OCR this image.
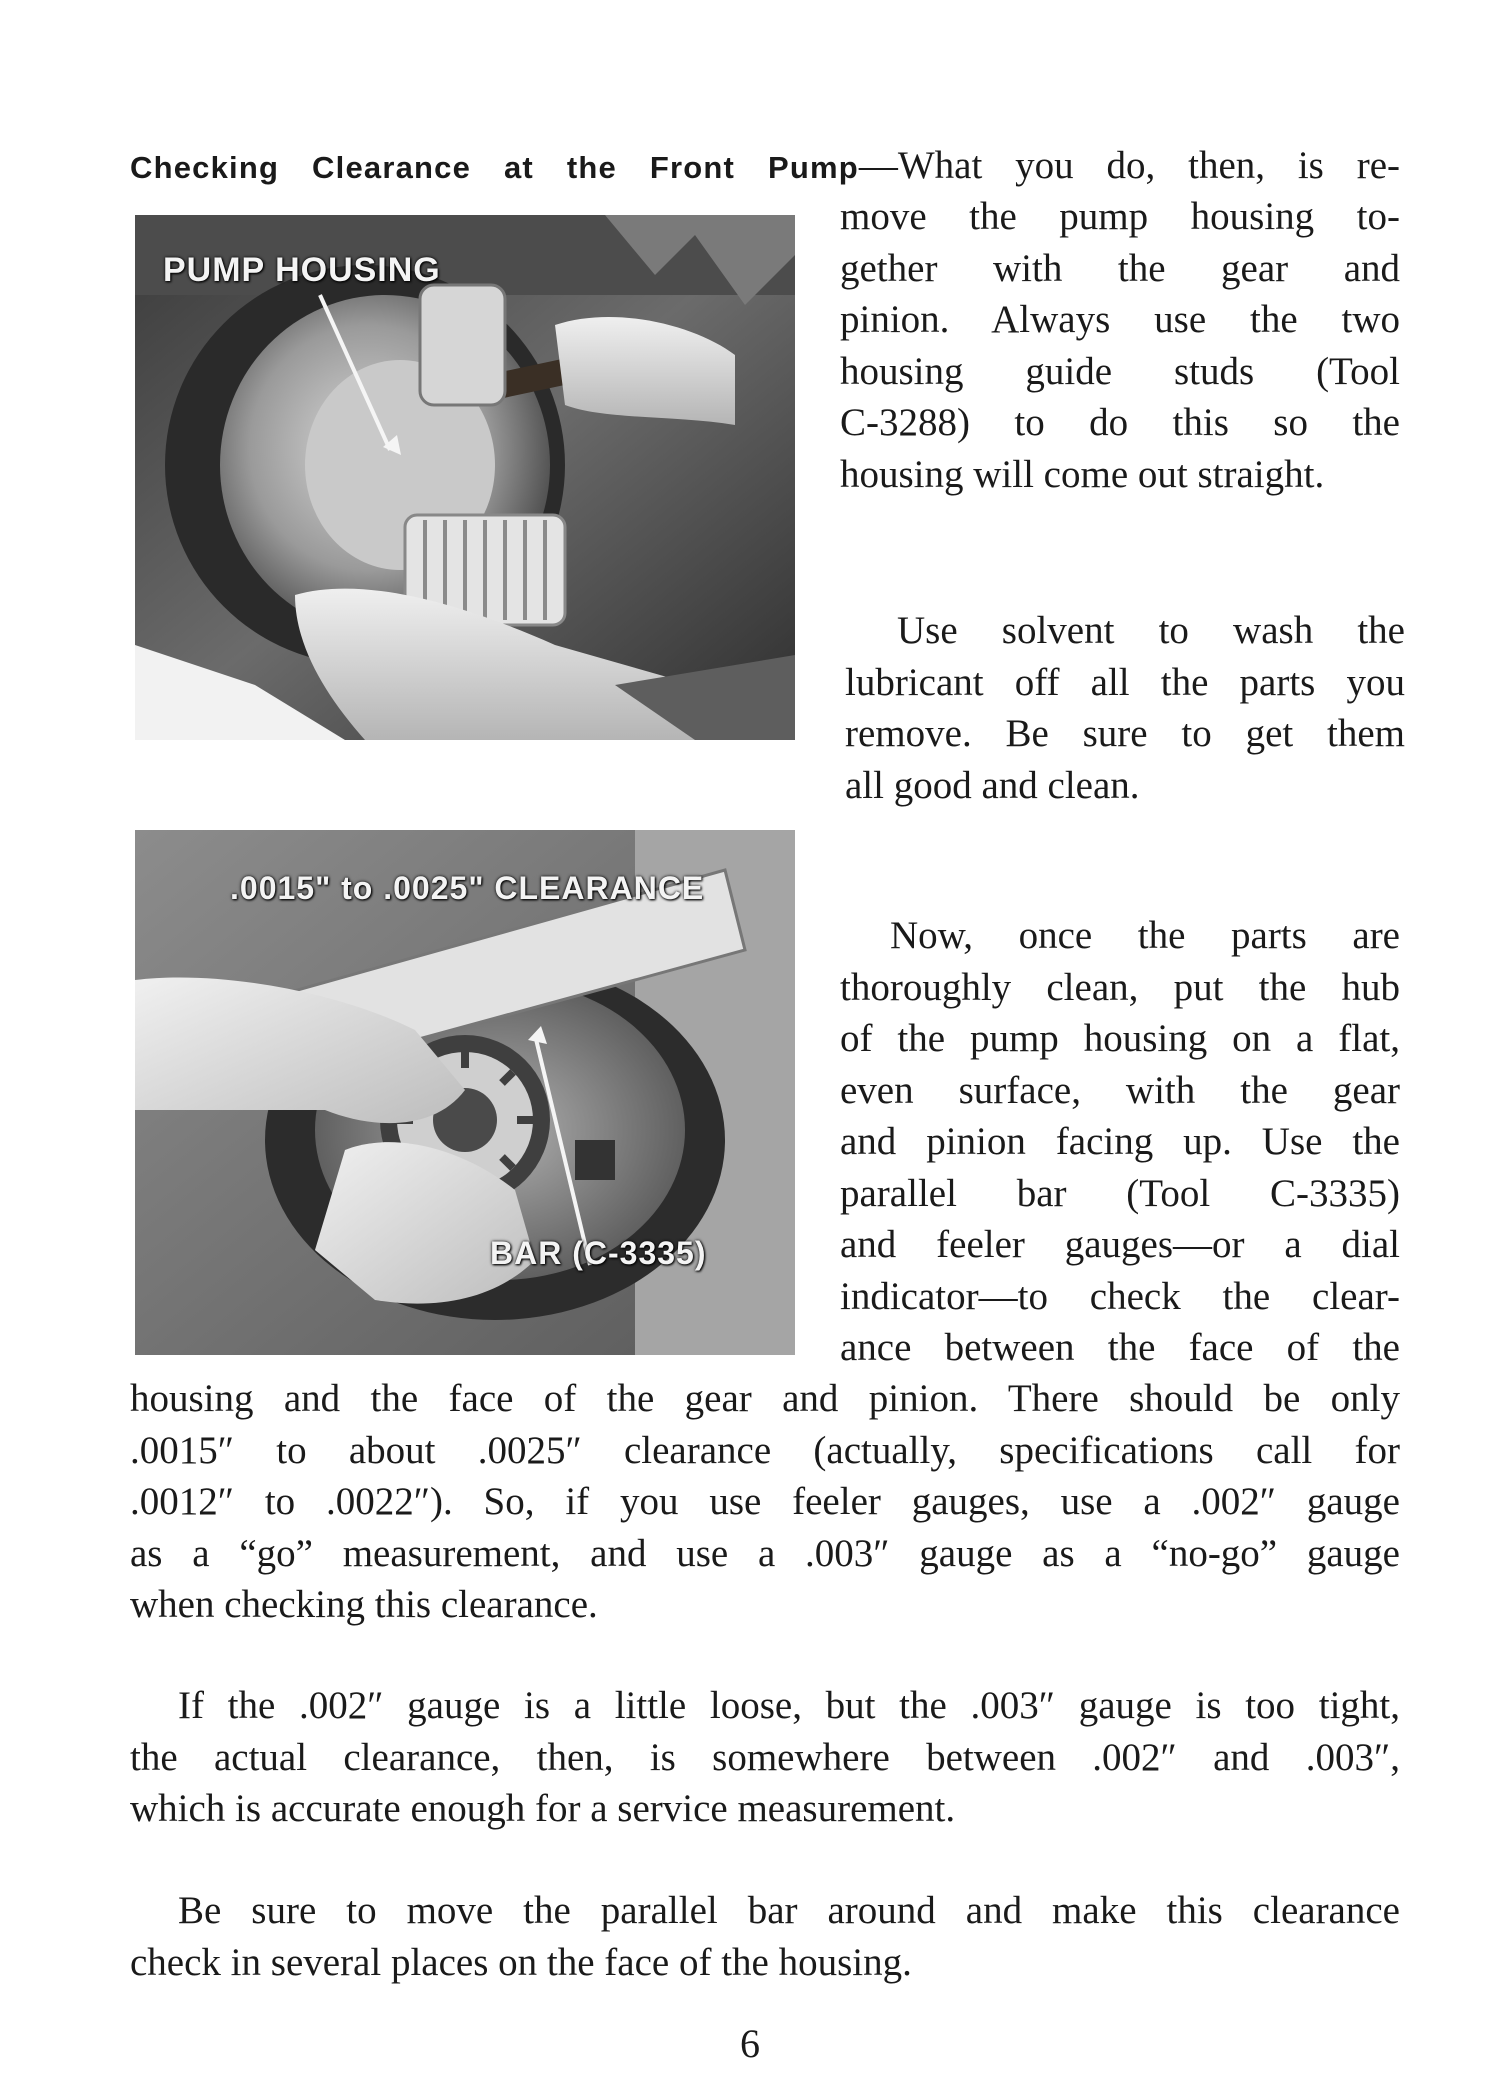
Checking Clearance at the Front Pump—What you do, then, is re-
move the pump housing to-
gether with the gear and
pinion. Always use the two
housing guide studs (Tool
C-3288) to do this so the
housing will come out straight.
PUMP HOUSING
Use solvent to wash the
lubricant off all the parts you
remove. Be sure to get them
all good and clean.
.0015" to .0025" CLEARANCE
BAR (C-3335)
Now, once the parts are
thoroughly clean, put the hub
of the pump housing on a flat,
even surface, with the gear
and pinion facing up. Use the
parallel bar (Tool C-3335)
and feeler gauges—or a dial
indicator—to check the clear-
ance between the face of the
housing and the face of the gear and pinion. There should be only
.0015″ to about .0025″ clearance (actually, specifications call for
.0012″ to .0022″). So, if you use feeler gauges, use a .002″ gauge
as a “go” measurement, and use a .003″ gauge as a “no-go” gauge
when checking this clearance.
If the .002″ gauge is a little loose, but the .003″ gauge is too tight,
the actual clearance, then, is somewhere between .002″ and .003″,
which is accurate enough for a service measurement.
Be sure to move the parallel bar around and make this clearance
check in several places on the face of the housing.
6
